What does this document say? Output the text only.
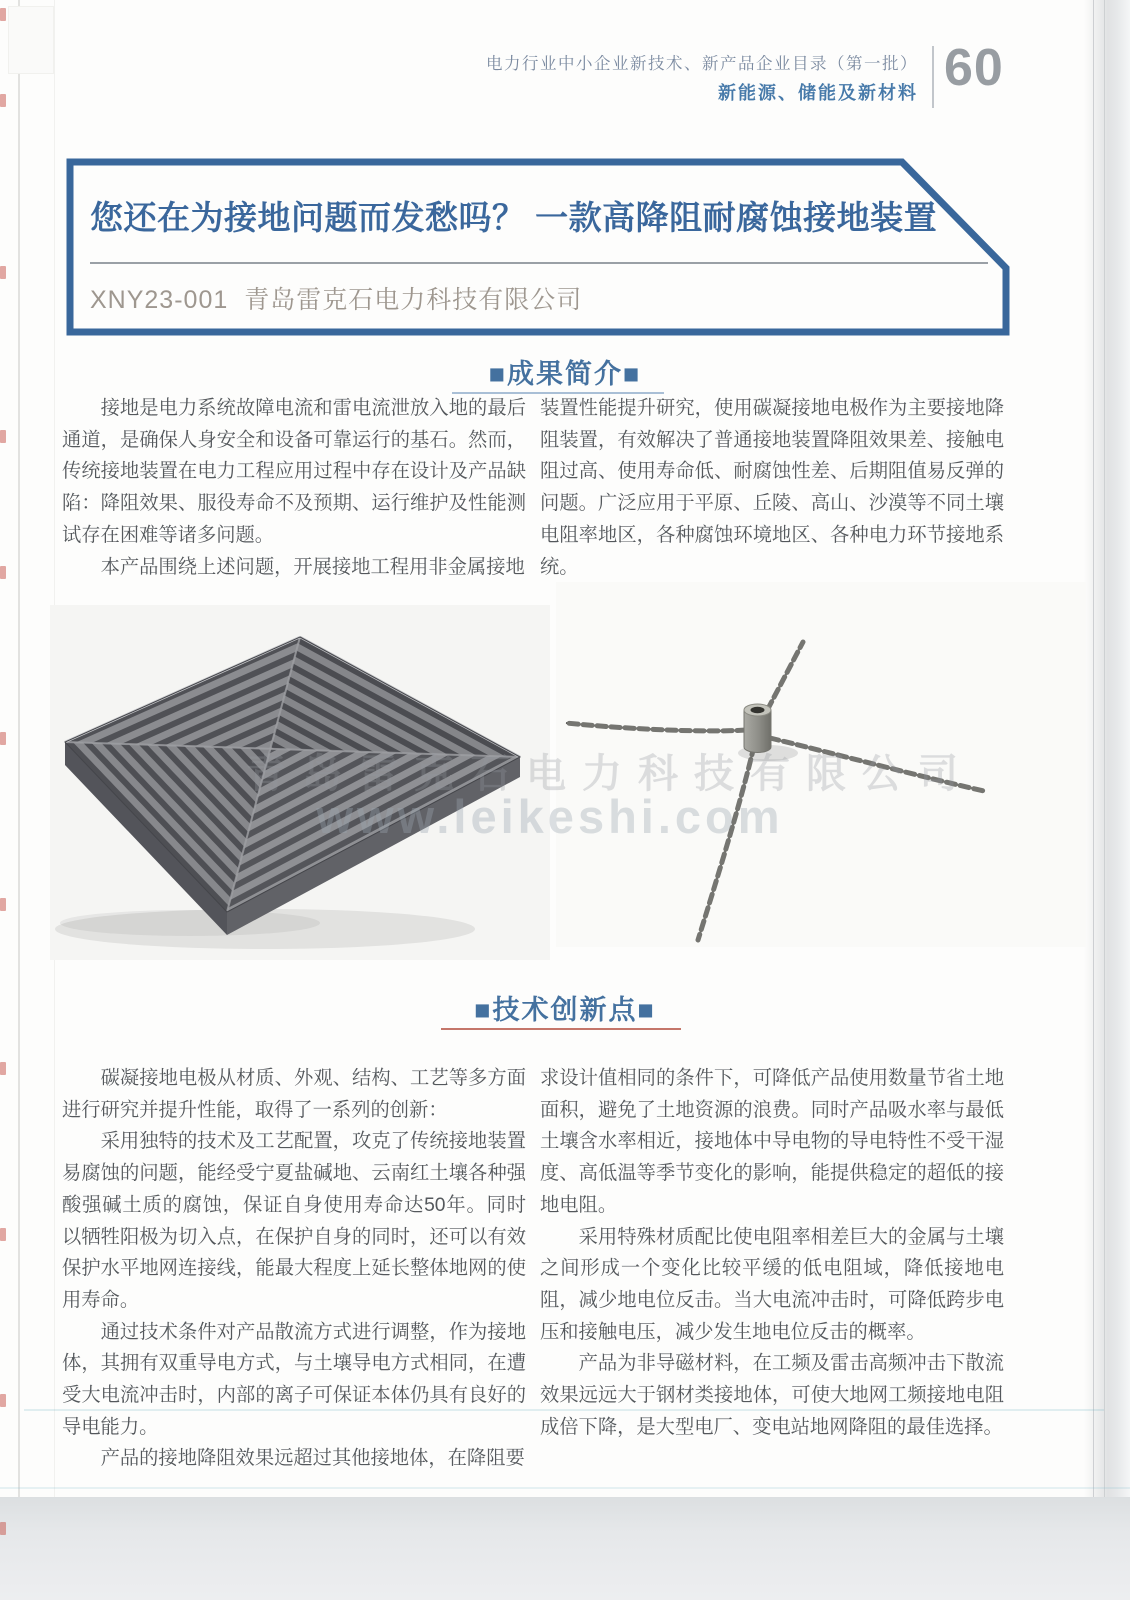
电力行业中小企业新技术、新产品企业目录（第一批）
新能源、储能及新材料 60
您还在为接地问题而发愁吗？ 一款高降阻耐腐蚀接地装置
XNY23-001 青岛雷克石电力科技有限公司
■成果简介■

接地是电力系统故障电流和雷电流泄放入地的最后通道，是确保人身安全和设备可靠运行的基石。然而，传统接地装置在电力工程应用过程中存在设计及产品缺陷：降阻效果、服役寿命不及预期、运行维护及性能测试存在困难等诸多问题。

本产品围绕上述问题，开展接地工程用非金属接地

装置性能提升研究，使用碳凝接地电极作为主要接地降阻装置，有效解决了普通接地装置降阻效果差、接触电阻过高、使用寿命低、耐腐蚀性差、后期阻值易反弹的问题。广泛应用于平原、丘陵、高山、沙漠等不同土壤电阻率地区，各种腐蚀环境地区、各种电力环节接地系统。

青岛雷克石电力科技有限公司
www.leikeshi.com
■技术创新点■

碳凝接地电极从材质、外观、结构、工艺等多方面进行研究并提升性能，取得了一系列的创新：

采用独特的技术及工艺配置，攻克了传统接地装置易腐蚀的问题，能经受宁夏盐碱地、云南红土壤各种强酸强碱土质的腐蚀，保证自身使用寿命达50年。同时以牺牲阳极为切入点，在保护自身的同时，还可以有效保护水平地网连接线，能最大程度上延长整体地网的使用寿命。

通过技术条件对产品散流方式进行调整，作为接地体，其拥有双重导电方式，与土壤导电方式相同，在遭受大电流冲击时，内部的离子可保证本体仍具有良好的导电能力。

产品的接地降阻效果远超过其他接地体，在降阻要

求设计值相同的条件下，可降低产品使用数量节省土地面积，避免了土地资源的浪费。同时产品吸水率与最低土壤含水率相近，接地体中导电物的导电特性不受干湿度、高低温等季节变化的影响，能提供稳定的超低的接地电阻。

采用特殊材质配比使电阻率相差巨大的金属与土壤之间形成一个变化比较平缓的低电阻域，降低接地电阻，减少地电位反击。当大电流冲击时，可降低跨步电压和接触电压，减少发生地电位反击的概率。

产品为非导磁材料，在工频及雷击高频冲击下散流效果远远大于钢材类接地体，可使大地网工频接地电阻成倍下降，是大型电厂、变电站地网降阻的最佳选择。
